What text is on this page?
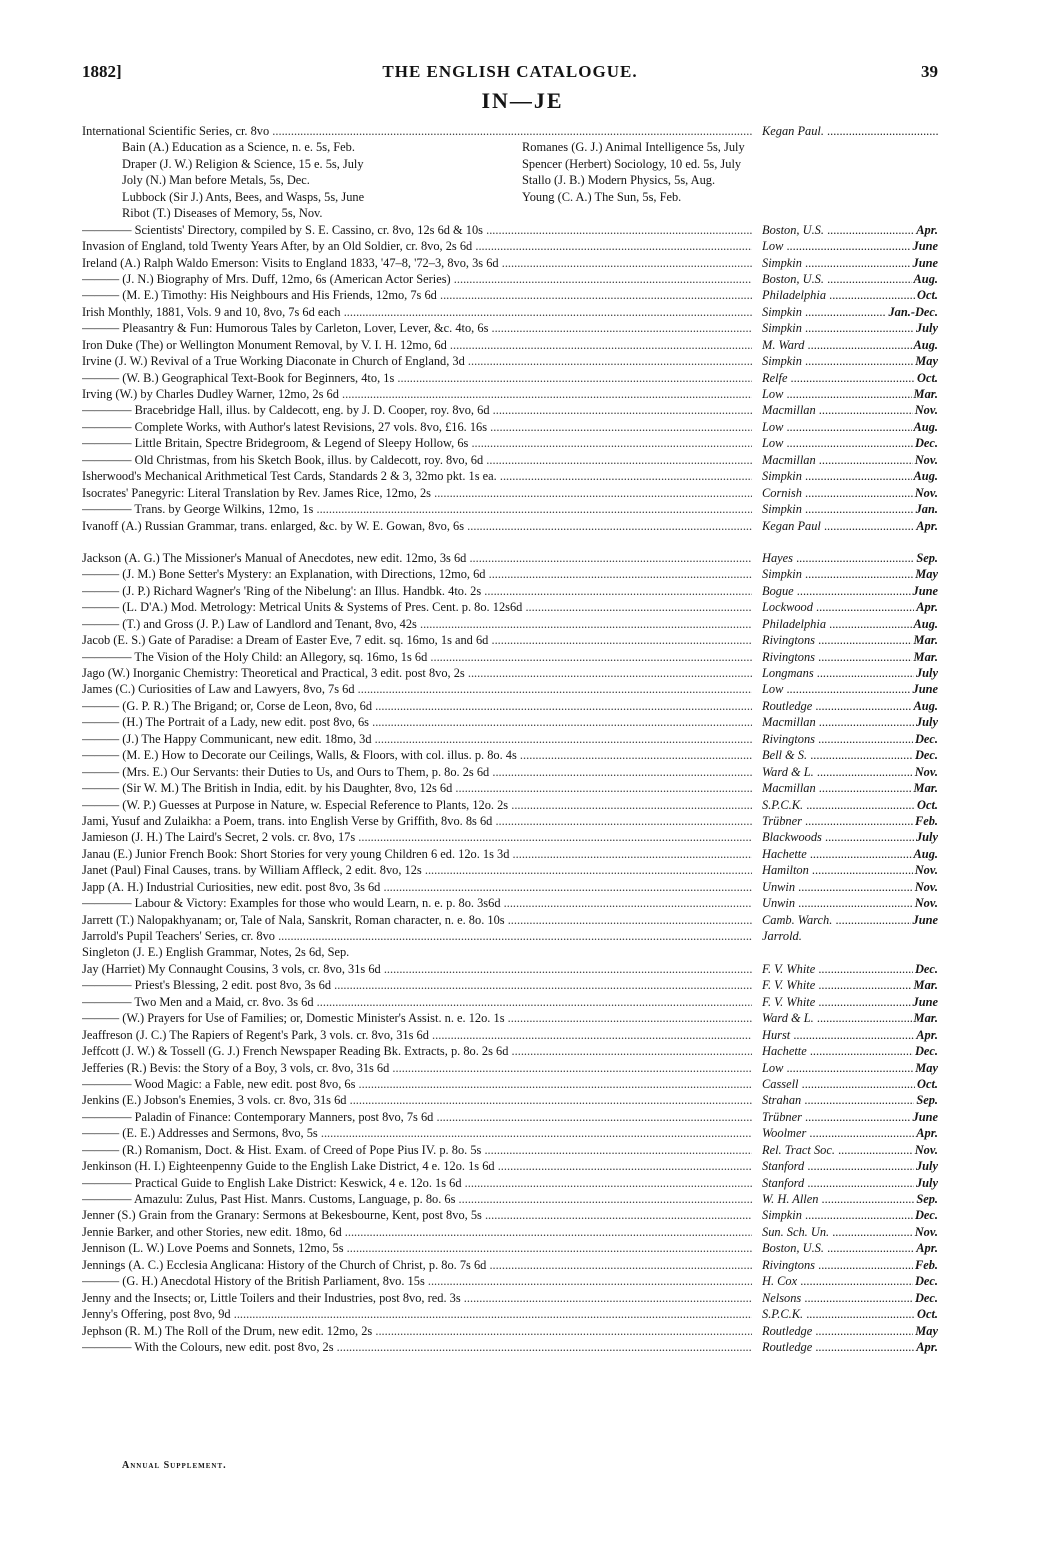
1882]	THE ENGLISH CATALOGUE.	39
IN—JE
International Scientific Series, cr. 8vo .....	Kegan Paul. .....
Bain (A.) Education as a Science, n. e. 5s, Feb.	Romanes (G. J.) Animal Intelligence 5s, July
Draper (J. W.) Religion & Science, 15 e. 5s, July	Spencer (Herbert) Sociology, 10 ed. 5s, July
Joly (N.) Man before Metals, 5s, Dec.	Stallo (J. B.) Modern Physics, 5s, Aug.
Lubbock (Sir J.) Ants, Bees, and Wasps, 5s, June	Young (C. A.) The Sun, 5s, Feb.
Ribot (T.) Diseases of Memory, 5s, Nov.
———— Scientists' Directory, compiled by S. E. Cassino, cr. 8vo, 12s 6d & 10s .....	Boston, U.S. .....	Apr.
Invasion of England, told Twenty Years After, by an Old Soldier, cr. 8vo, 2s 6d .....	Low .....	June
Ireland (A.) Ralph Waldo Emerson: Visits to England 1833, '47–8, '72–3, 8vo, 3s 6d .....	Simpkin .....	June
——— (J. N.) Biography of Mrs. Duff, 12mo, 6s (American Actor Series) .....	Boston, U.S. .....	Aug.
——— (M. E.) Timothy: His Neighbours and His Friends, 12mo, 7s 6d .....	Philadelphia .....	Oct.
Irish Monthly, 1881, Vols. 9 and 10, 8vo, 7s 6d each .....	Simpkin .....	Jan.-Dec.
——— Pleasantry & Fun: Humorous Tales by Carleton, Lover, Lever, &c. 4to, 6s .....	Simpkin .....	July
Iron Duke (The) or Wellington Monument Removal, by V. I. H. 12mo, 6d .....	M. Ward .....	Aug.
Irvine (J. W.) Revival of a True Working Diaconate in Church of England, 3d .....	Simpkin .....	May
——— (W. B.) Geographical Text-Book for Beginners, 4to, 1s .....	Relfe .....	Oct.
Irving (W.) by Charles Dudley Warner, 12mo, 2s 6d .....	Low .....	Mar.
———— Bracebridge Hall, illus. by Caldecott, eng. by J. D. Cooper, roy. 8vo, 6d .....	Macmillan .....	Nov.
———— Complete Works, with Author's latest Revisions, 27 vols. 8vo, £16. 16s .....	Low .....	Aug.
———— Little Britain, Spectre Bridegroom, & Legend of Sleepy Hollow, 6s .....	Low .....	Dec.
———— Old Christmas, from his Sketch Book, illus. by Caldecott, roy. 8vo, 6d .....	Macmillan .....	Nov.
Isherwood's Mechanical Arithmetical Test Cards, Standards 2 & 3, 32mo pkt. 1s ea. .....	Simpkin .....	Aug.
Isocrates' Panegyric: Literal Translation by Rev. James Rice, 12mo, 2s .....	Cornish .....	Nov.
———— Trans. by George Wilkins, 12mo, 1s .....	Simpkin .....	Jan.
Ivanoff (A.) Russian Grammar, trans. enlarged, &c. by W. E. Gowan, 8vo, 6s .....	Kegan Paul .....	Apr.
Jackson (A. G.) The Missioner's Manual of Anecdotes, new edit. 12mo, 3s 6d .....	Hayes .....	Sep.
——— (J. M.) Bone Setter's Mystery: an Explanation, with Directions, 12mo, 6d .....	Simpkin .....	May
——— (J. P.) Richard Wagner's 'Ring of the Nibelung': an Illus. Handbk. 4to. 2s .....	Bogue .....	June
——— (L. D'A.) Mod. Metrology: Metrical Units & Systems of Pres. Cent. p. 8o. 12s6d .....	Lockwood .....	Apr.
——— (T.) and Gross (J. P.) Law of Landlord and Tenant, 8vo, 42s .....	Philadelphia .....	Aug.
Jacob (E. S.) Gate of Paradise: a Dream of Easter Eve, 7 edit. sq. 16mo, 1s and 6d .....	Rivingtons .....	Mar.
———— The Vision of the Holy Child: an Allegory, sq. 16mo, 1s 6d .....	Rivingtons .....	Mar.
Jago (W.) Inorganic Chemistry: Theoretical and Practical, 3 edit. post 8vo, 2s .....	Longmans .....	July
James (C.) Curiosities of Law and Lawyers, 8vo, 7s 6d .....	Low .....	June
——— (G. P. R.) The Brigand; or, Corse de Leon, 8vo, 6d .....	Routledge .....	Aug.
——— (H.) The Portrait of a Lady, new edit. post 8vo, 6s .....	Macmillan .....	July
——— (J.) The Happy Communicant, new edit. 18mo, 3d .....	Rivingtons .....	Dec.
——— (M. E.) How to Decorate our Ceilings, Walls, & Floors, with col. illus. p. 8o. 4s .....	Bell & S. .....	Dec.
——— (Mrs. E.) Our Servants: their Duties to Us, and Ours to Them, p. 8o. 2s 6d .....	Ward & L. .....	Nov.
——— (Sir W. M.) The British in India, edit. by his Daughter, 8vo, 12s 6d .....	Macmillan .....	Mar.
——— (W. P.) Guesses at Purpose in Nature, w. Especial Reference to Plants, 12o. 2s .....	S.P.C.K. .....	Oct.
Jami, Yusuf and Zulaikha: a Poem, trans. into English Verse by Griffith, 8vo. 8s 6d .....	Trübner .....	Feb.
Jamieson (J. H.) The Laird's Secret, 2 vols. cr. 8vo, 17s .....	Blackwoods .....	July
Janau (E.) Junior French Book: Short Stories for very young Children 6 ed. 12o. 1s 3d .....	Hachette .....	Aug.
Janet (Paul) Final Causes, trans. by William Affleck, 2 edit. 8vo, 12s .....	Hamilton .....	Nov.
Japp (A. H.) Industrial Curiosities, new edit. post 8vo, 3s 6d .....	Unwin .....	Nov.
———— Labour & Victory: Examples for those who would Learn, n. e. p. 8o. 3s6d .....	Unwin .....	Nov.
Jarrett (T.) Nalopakhyanam; or, Tale of Nala, Sanskrit, Roman character, n. e. 8o. 10s .....	Camb. Warch. .....	June
Jarrold's Pupil Teachers' Series, cr. 8vo .....	Jarrold.
Singleton (J. E.) English Grammar, Notes, 2s 6d, Sep.
Jay (Harriet) My Connaught Cousins, 3 vols, cr. 8vo, 31s 6d .....	F. V. White .....	Dec.
———— Priest's Blessing, 2 edit. post 8vo, 3s 6d .....	F. V. White .....	Mar.
———— Two Men and a Maid, cr. 8vo. 3s 6d .....	F. V. White .....	June
——— (W.) Prayers for Use of Families; or, Domestic Minister's Assist. n. e. 12o. 1s .....	Ward & L. .....	Mar.
Jeaffreson (J. C.) The Rapiers of Regent's Park, 3 vols. cr. 8vo, 31s 6d .....	Hurst .....	Apr.
Jeffcott (J. W.) & Tossell (G. J.) French Newspaper Reading Bk. Extracts, p. 8o. 2s 6d .....	Hachette .....	Dec.
Jefferies (R.) Bevis: the Story of a Boy, 3 vols, cr. 8vo, 31s 6d .....	Low .....	May
———— Wood Magic: a Fable, new edit. post 8vo, 6s .....	Cassell .....	Oct.
Jenkins (E.) Jobson's Enemies, 3 vols. cr. 8vo, 31s 6d .....	Strahan .....	Sep.
———— Paladin of Finance: Contemporary Manners, post 8vo, 7s 6d .....	Trübner .....	June
——— (E. E.) Addresses and Sermons, 8vo, 5s .....	Woolmer .....	Apr.
——— (R.) Romanism, Doct. & Hist. Exam. of Creed of Pope Pius IV. p. 8o. 5s .....	Rel. Tract Soc. .....	Nov.
Jenkinson (H. I.) Eighteenpenny Guide to the English Lake District, 4 e. 12o. 1s 6d .....	Stanford .....	July
———— Practical Guide to English Lake District: Keswick, 4 e. 12o. 1s 6d .....	Stanford .....	July
———— Amazulu: Zulus, Past Hist. Manrs. Customs, Language, p. 8o. 6s .....	W. H. Allen .....	Sep.
Jenner (S.) Grain from the Granary: Sermons at Bekesbourne, Kent, post 8vo, 5s .....	Simpkin .....	Dec.
Jennie Barker, and other Stories, new edit. 18mo, 6d .....	Sun. Sch. Un. .....	Nov.
Jennison (L. W.) Love Poems and Sonnets, 12mo, 5s .....	Boston, U.S. .....	Apr.
Jennings (A. C.) Ecclesia Anglicana: History of the Church of Christ, p. 8o. 7s 6d .....	Rivingtons .....	Feb.
——— (G. H.) Anecdotal History of the British Parliament, 8vo. 15s .....	H. Cox .....	Dec.
Jenny and the Insects; or, Little Toilers and their Industries, post 8vo, red. 3s .....	Nelsons .....	Dec.
Jenny's Offering, post 8vo, 9d .....	S.P.C.K. .....	Oct.
Jephson (R. M.) The Roll of the Drum, new edit. 12mo, 2s .....	Routledge .....	May
———— With the Colours, new edit. post 8vo, 2s .....	Routledge .....	Apr.
Annual Supplement.
